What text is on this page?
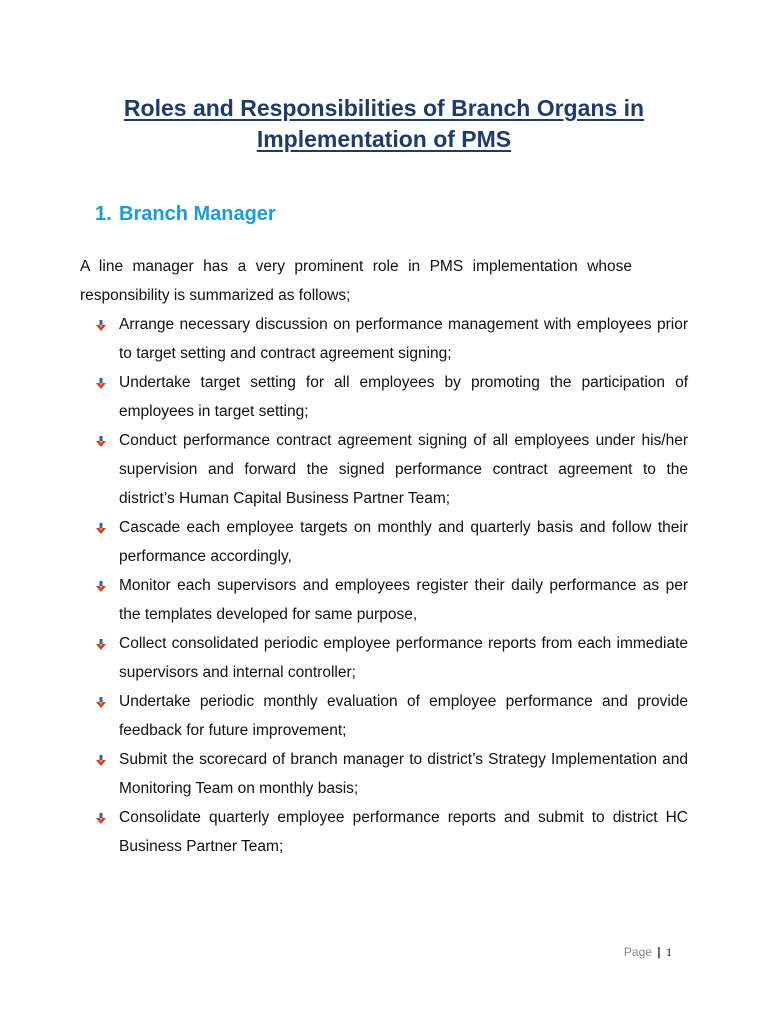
Roles and Responsibilities of Branch Organs in
Implementation of PMS
1. Branch Manager
A line manager has a very prominent role in PMS implementation whose
responsibility is summarized as follows;
Arrange necessary discussion on performance management with employees prior to target setting and contract agreement signing;
Undertake target setting for all employees by promoting the participation of employees in target setting;
Conduct performance contract agreement signing of all employees under his/her supervision and forward the signed performance contract agreement to the district’s Human Capital Business Partner Team;
Cascade each employee targets on monthly and quarterly basis and follow their performance accordingly,
Monitor each supervisors and employees register their daily performance as per the templates developed for same purpose,
Collect consolidated periodic employee performance reports from each immediate supervisors and internal controller;
Undertake periodic monthly evaluation of employee performance and provide feedback for future improvement;
Submit the scorecard of branch manager to district’s Strategy Implementation and Monitoring Team on monthly basis;
Consolidate quarterly employee performance reports and submit to district HC Business Partner Team;
Page | 1
